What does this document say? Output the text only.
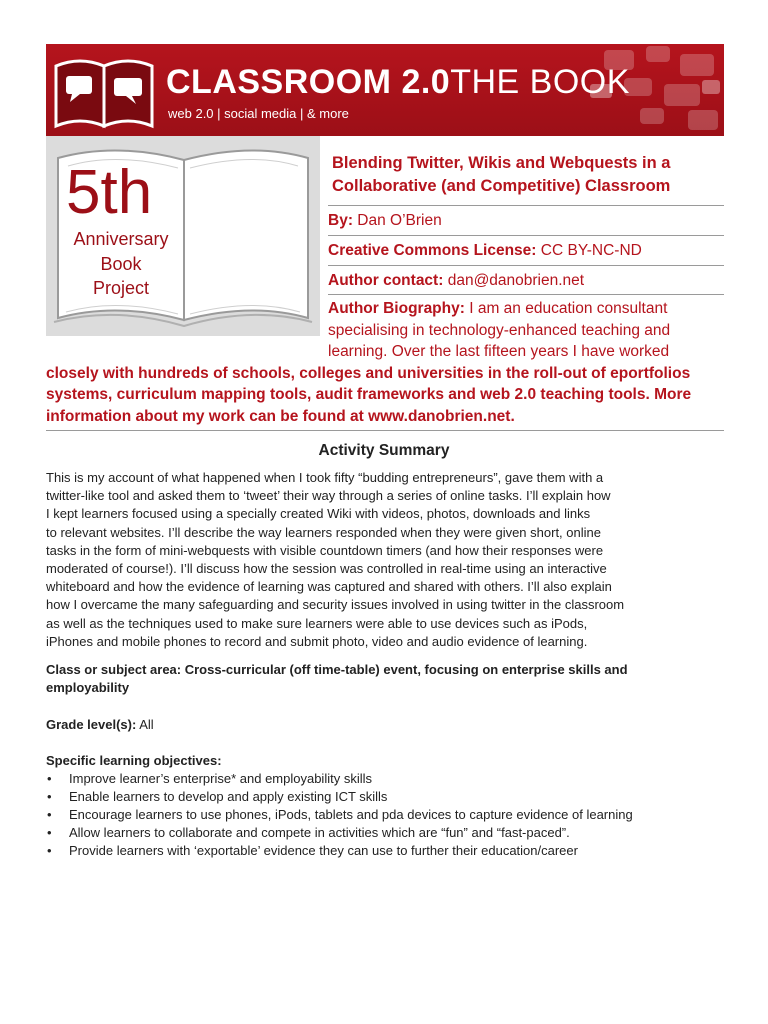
CLASSROOM 2.0THE BOOK
web 2.0 | social media | & more
5th
Anniversary
Book
Project
Blending Twitter, Wikis and Webquests in a Collaborative (and Competitive) Classroom
By: Dan O’Brien
Creative Commons License: CC BY-NC-ND
Author contact: dan@danobrien.net
Author Biography: I am an education consultant
specialising in technology-enhanced teaching and
learning. Over the last fifteen years I have worked
closely with hundreds of schools, colleges and universities in the roll-out of eportfolios
systems, curriculum mapping tools, audit frameworks and web 2.0 teaching tools. More
information about my work can be found at www.danobrien.net.
Activity Summary
This is my account of what happened when I took fifty “budding entrepreneurs”, gave them with a
twitter-like tool and asked them to ‘tweet’ their way through a series of online tasks. I’ll explain how
I kept learners focused using a specially created Wiki with videos, photos, downloads and links
to relevant websites. I’ll describe the way learners responded when they were given short, online
tasks in the form of mini-webquests with visible countdown timers (and how their responses were
moderated of course!). I’ll discuss how the session was controlled in real-time using an interactive
whiteboard and how the evidence of learning was captured and shared with others. I’ll also explain
how I overcame the many safeguarding and security issues involved in using twitter in the classroom
as well as the techniques used to make sure learners were able to use devices such as iPods,
iPhones and mobile phones to record and submit photo, video and audio evidence of learning.
Class or subject area: Cross-curricular (off time-table) event, focusing on enterprise skills and
employability
Grade level(s): All
Specific learning objectives:
• Improve learner’s enterprise* and employability skills
• Enable learners to develop and apply existing ICT skills
• Encourage learners to use phones, iPods, tablets and pda devices to capture evidence of learning
• Allow learners to collaborate and compete in activities which are “fun” and “fast-paced”.
• Provide learners with ‘exportable’ evidence they can use to further their education/career
